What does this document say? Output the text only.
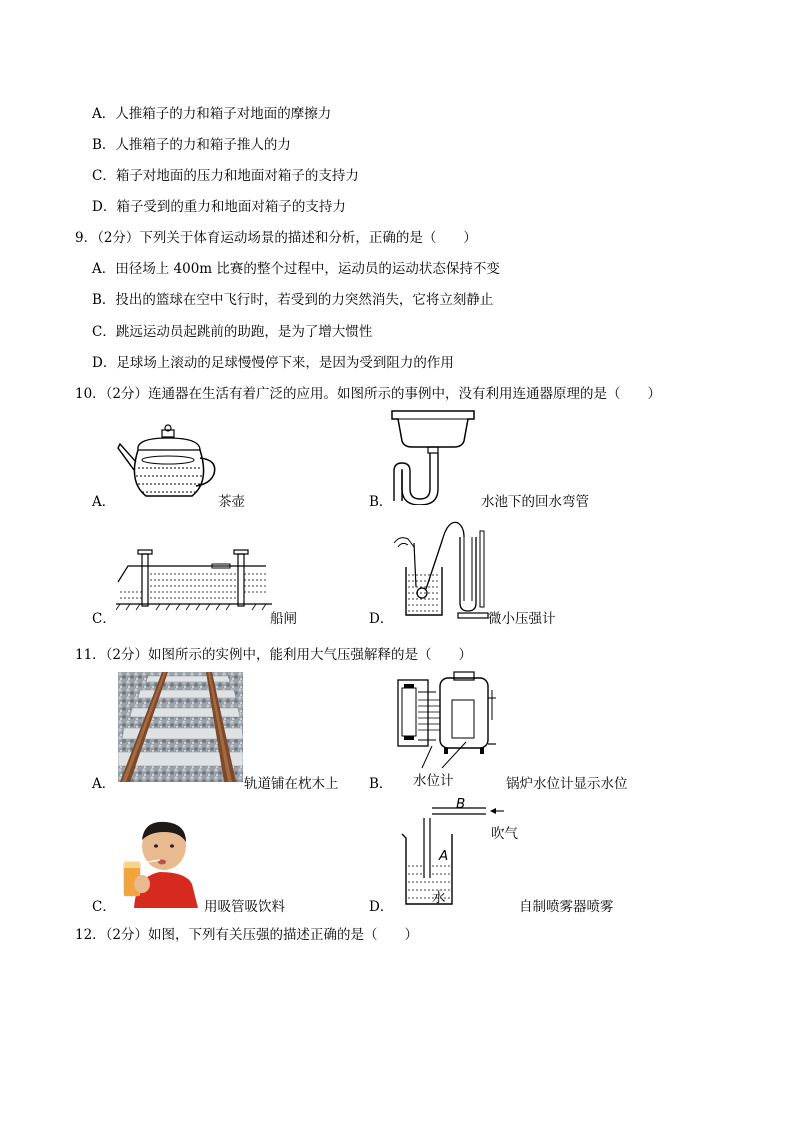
A．人推箱子的力和箱子对地面的摩擦力
B．人推箱子的力和箱子推人的力
C．箱子对地面的压力和地面对箱子的支持力
D．箱子受到的重力和地面对箱子的支持力
9．（2分）下列关于体育运动场景的描述和分析，正确的是（　　）
A．田径场上 400m 比赛的整个过程中，运动员的运动状态保持不变
B．投出的篮球在空中飞行时，若受到的力突然消失，它将立刻静止
C．跳远运动员起跳前的助跑，是为了增大惯性
D．足球场上滚动的足球慢慢停下来，是因为受到阻力的作用
10．（2分）连通器在生活有着广泛的应用。如图所示的事例中，没有利用连通器原理的是（　　）
A．	茶壶	B．	水池下的回水弯管
C．	船闸	D．	微小压强计
11．（2分）如图所示的实例中，能利用大气压强解释的是（　　）
A．	轨道铺在枕木上 B． 水位计	锅炉水位计显示水位
C．	用吸管吸饮料	D．
B
A
水
吹气
自制喷雾器喷雾
12．（2分）如图，下列有关压强的描述正确的是（　　）
